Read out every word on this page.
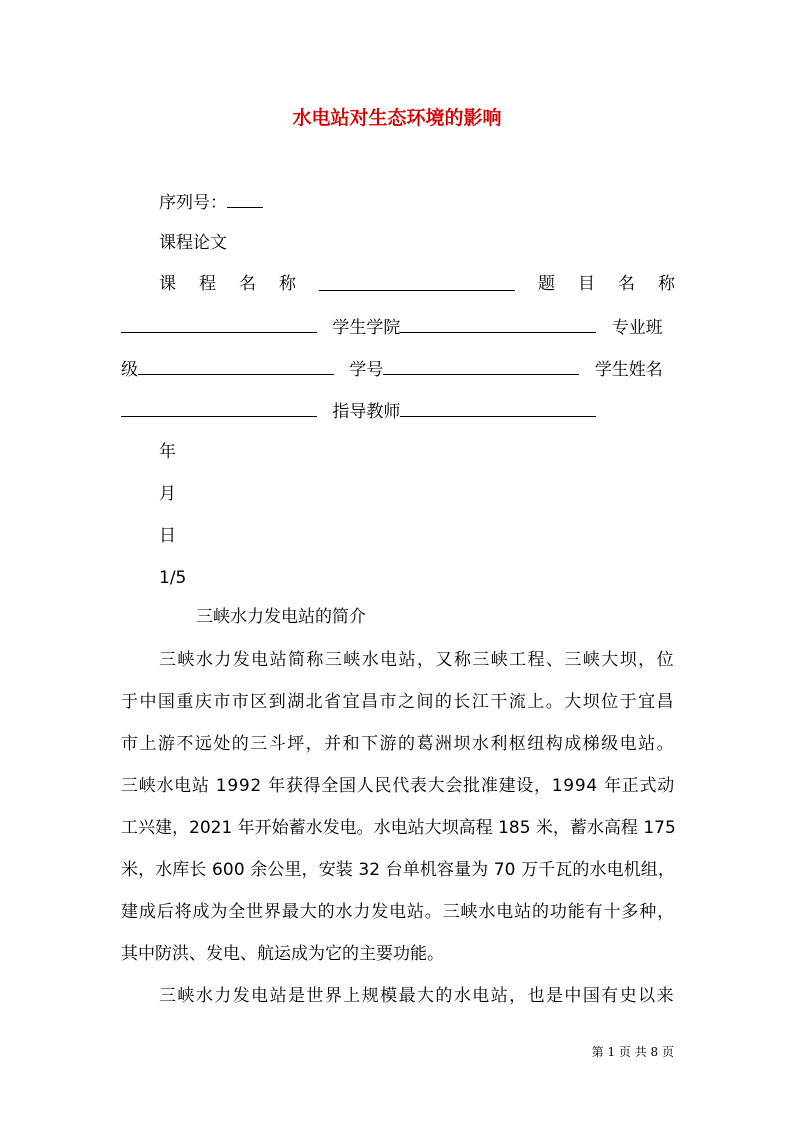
水电站对生态环境的影响
序列号：
课程论文
课 程 名 称	题 目 名 称
学生学院	专业班
级	学号	学生姓名
指导教师
年
月
日
1/5
三峡水力发电站的简介
三峡水力发电站简称三峡水电站，又称三峡工程、三峡大坝，位
于中国重庆市市区到湖北省宜昌市之间的长江干流上。大坝位于宜昌
市上游不远处的三斗坪，并和下游的葛洲坝水利枢纽构成梯级电站。
三峡水电站 1992 年获得全国人民代表大会批准建设，1994 年正式动
工兴建，2021 年开始蓄水发电。水电站大坝高程 185 米，蓄水高程 175
米，水库长 600 余公里，安装 32 台单机容量为 70 万千瓦的水电机组，
建成后将成为全世界最大的水力发电站。三峡水电站的功能有十多种，
其中防洪、发电、航运成为它的主要功能。
三峡水力发电站是世界上规模最大的水电站，也是中国有史以来
第 1 页 共 8 页
